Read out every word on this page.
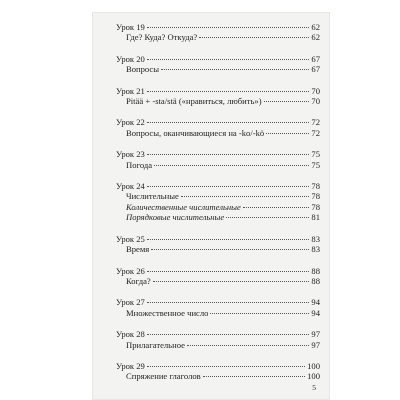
Урок 19	62
Где? Куда? Откуда?	62
Урок 20	67
Вопросы	67
Урок 21	70
Pitää + -sta/stä («нравиться, любить»)	70
Урок 22	72
Вопросы, оканчивающиеся на -ko/-kö	72
Урок 23	75
Погода	75
Урок 24	78
Числительные	78
Количественные числительные	78
Порядковые числительные	81
Урок 25	83
Время	83
Урок 26	88
Когда?	88
Урок 27	94
Множественное число	94
Урок 28	97
Прилагательное	97
Урок 29	100
Спряжение глаголов	100
5
